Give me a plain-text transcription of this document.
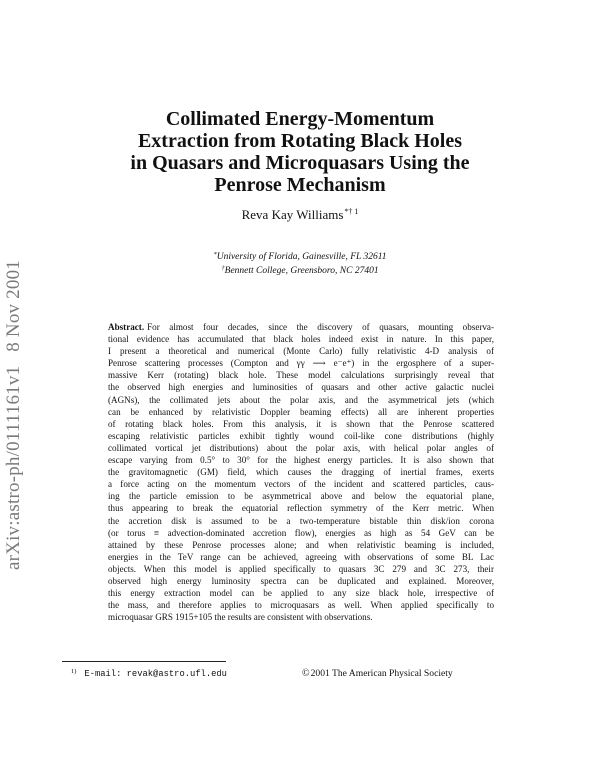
arXiv:astro-ph/0111161v18 Nov 2001
Collimated Energy-Momentum
Extraction from Rotating Black Holes
in Quasars and Microquasars Using the
Penrose Mechanism
Reva Kay Williams$^{*\dagger 1}$
*University of Florida, Gainesville, FL 32611
†Bennett College, Greensboro, NC 27401
Abstract. For almost four decades, since the discovery of quasars, mounting observa-
tional evidence has accumulated that black holes indeed exist in nature. In this paper,
I present a theoretical and numerical (Monte Carlo) fully relativistic 4-D analysis of
Penrose scattering processes (Compton and γγ ⟶ e⁻e⁺) in the ergosphere of a super-
massive Kerr (rotating) black hole. These model calculations surprisingly reveal that
the observed high energies and luminosities of quasars and other active galactic nuclei
(AGNs), the collimated jets about the polar axis, and the asymmetrical jets (which
can be enhanced by relativistic Doppler beaming effects) all are inherent properties
of rotating black holes. From this analysis, it is shown that the Penrose scattered
escaping relativistic particles exhibit tightly wound coil-like cone distributions (highly
collimated vortical jet distributions) about the polar axis, with helical polar angles of
escape varying from 0.5° to 30° for the highest energy particles. It is also shown that
the gravitomagnetic (GM) field, which causes the dragging of inertial frames, exerts
a force acting on the momentum vectors of the incident and scattered particles, caus-
ing the particle emission to be asymmetrical above and below the equatorial plane,
thus appearing to break the equatorial reflection symmetry of the Kerr metric. When
the accretion disk is assumed to be a two-temperature bistable thin disk/ion corona
(or torus ≡ advection-dominated accretion flow), energies as high as 54 GeV can be
attained by these Penrose processes alone; and when relativistic beaming is included,
energies in the TeV range can be achieved, agreeing with observations of some BL Lac
objects. When this model is applied specifically to quasars 3C 279 and 3C 273, their
observed high energy luminosity spectra can be duplicated and explained. Moreover,
this energy extraction model can be applied to any size black hole, irrespective of
the mass, and therefore applies to microquasars as well. When applied specifically to
microquasar GRS 1915+105 the results are consistent with observations.
$^{1)}$ E-mail: revak@astro.ufl.edu	©2001 The American Physical Society
